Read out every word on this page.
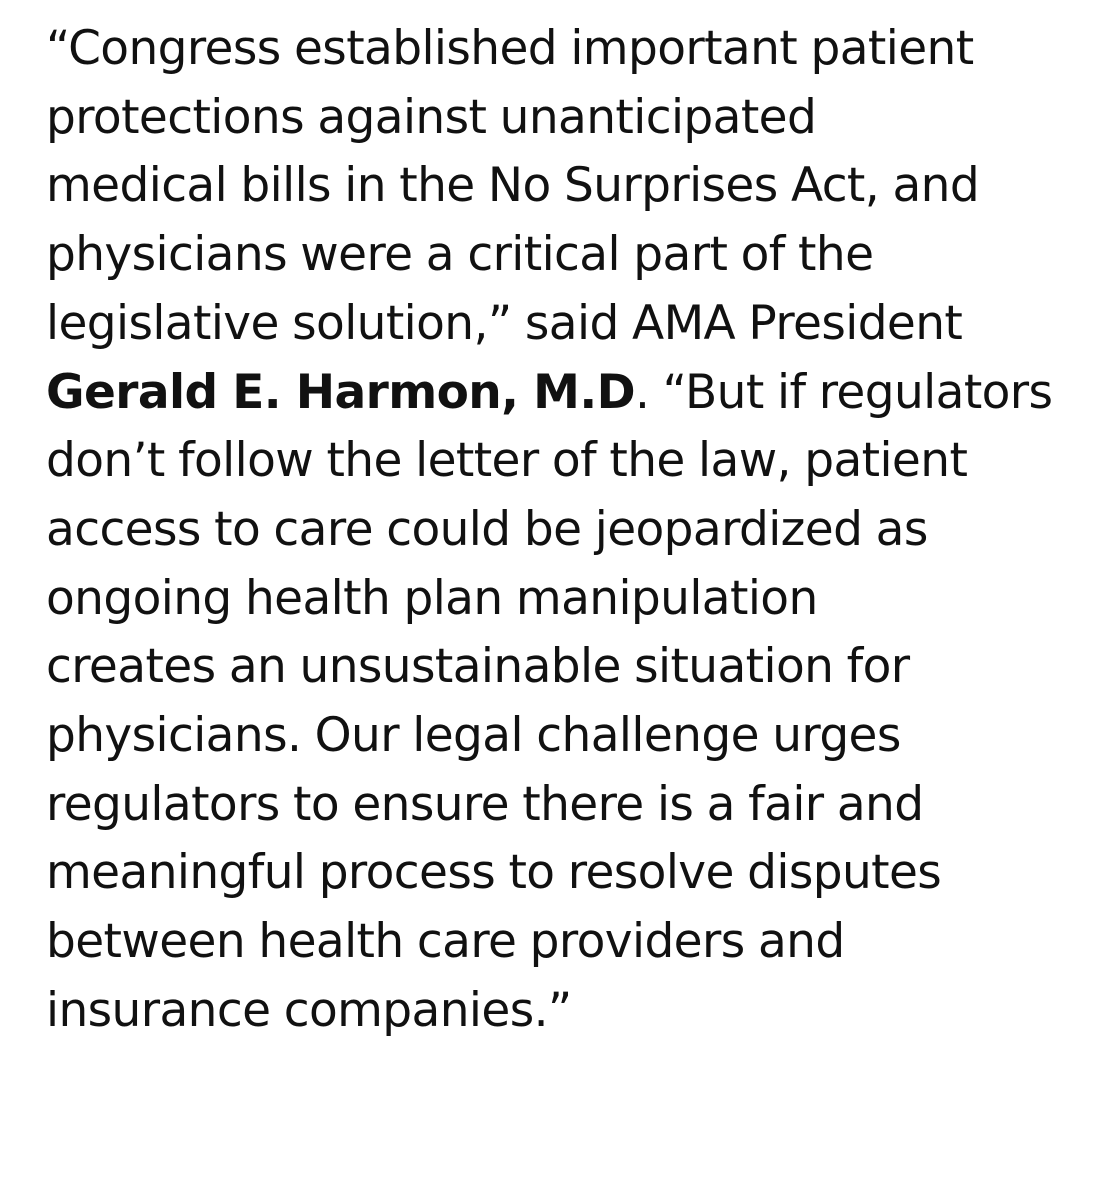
“Congress established important patient
protections against unanticipated
medical bills in the No Surprises Act, and
physicians were a critical part of the
legislative solution,” said AMA President
Gerald E. Harmon, M.D. “But if regulators
don’t follow the letter of the law, patient
access to care could be jeopardized as
ongoing health plan manipulation
creates an unsustainable situation for
physicians. Our legal challenge urges
regulators to ensure there is a fair and
meaningful process to resolve disputes
between health care providers and
insurance companies.”
